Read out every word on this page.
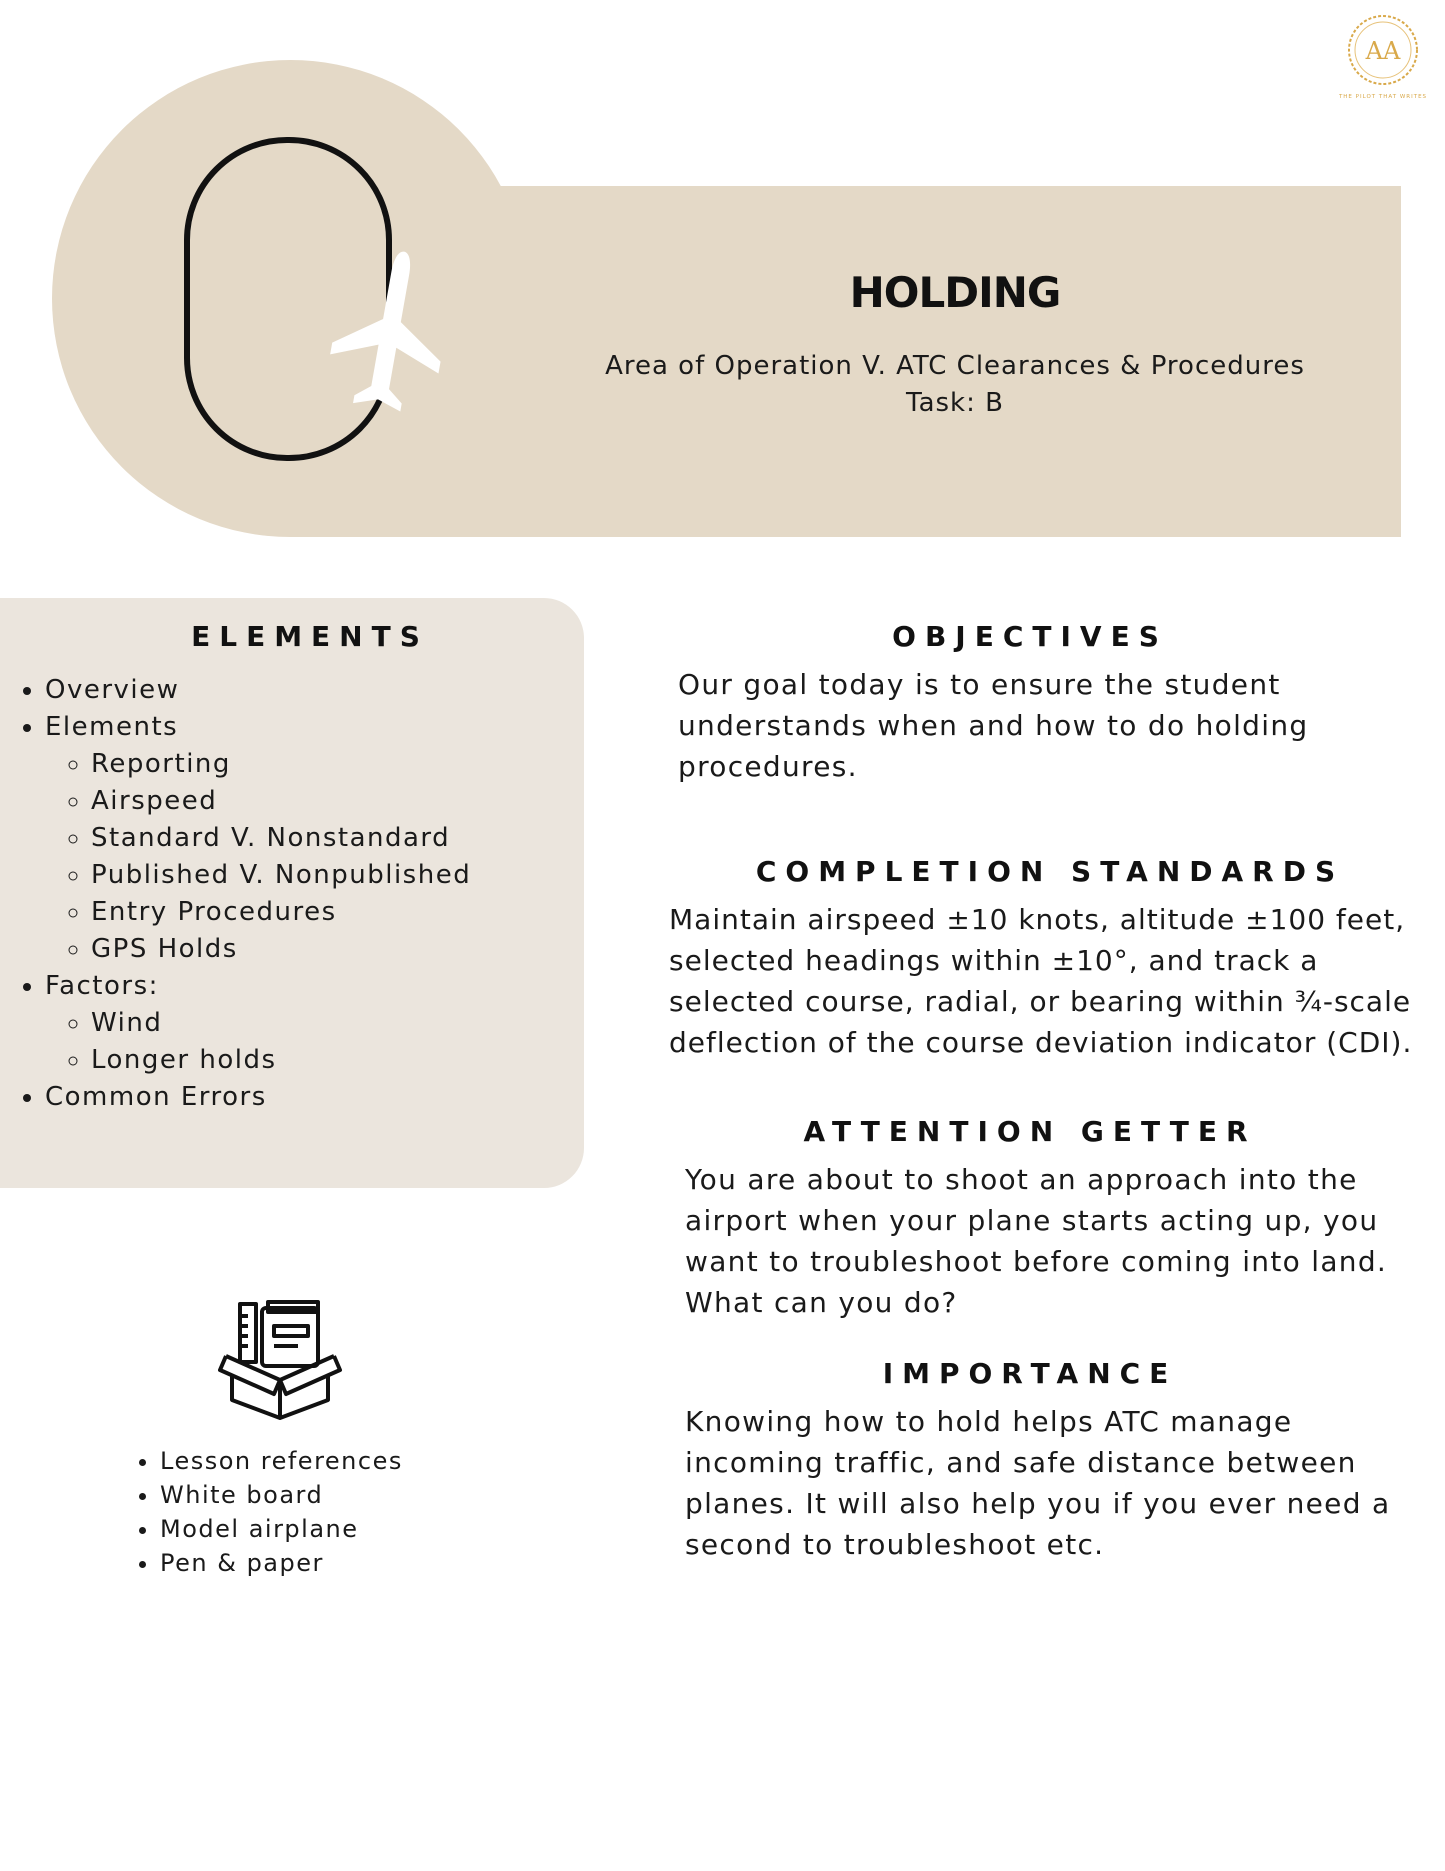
HOLDING
Area of Operation V. ATC Clearances & Procedures
Task: B
AA
THE PILOT THAT WRITES
ELEMENTS
• Overview
• Elements
◦ Reporting
◦ Airspeed
◦ Standard V. Nonstandard
◦ Published V. Nonpublished
◦ Entry Procedures
◦ GPS Holds
• Factors:
◦ Wind
◦ Longer holds
• Common Errors
• Lesson references
• White board
• Model airplane
• Pen & paper
OBJECTIVES
Our goal today is to ensure the student understands when and how to do holding procedures.
COMPLETION STANDARDS
Maintain airspeed ±10 knots, altitude ±100 feet, selected headings within ±10°, and track a selected course, radial, or bearing within ¾-scale deflection of the course deviation indicator (CDI).
ATTENTION GETTER
You are about to shoot an approach into the airport when your plane starts acting up, you want to troubleshoot before coming into land. What can you do?
IMPORTANCE
Knowing how to hold helps ATC manage incoming traffic, and safe distance between planes. It will also help you if you ever need a second to troubleshoot etc.
